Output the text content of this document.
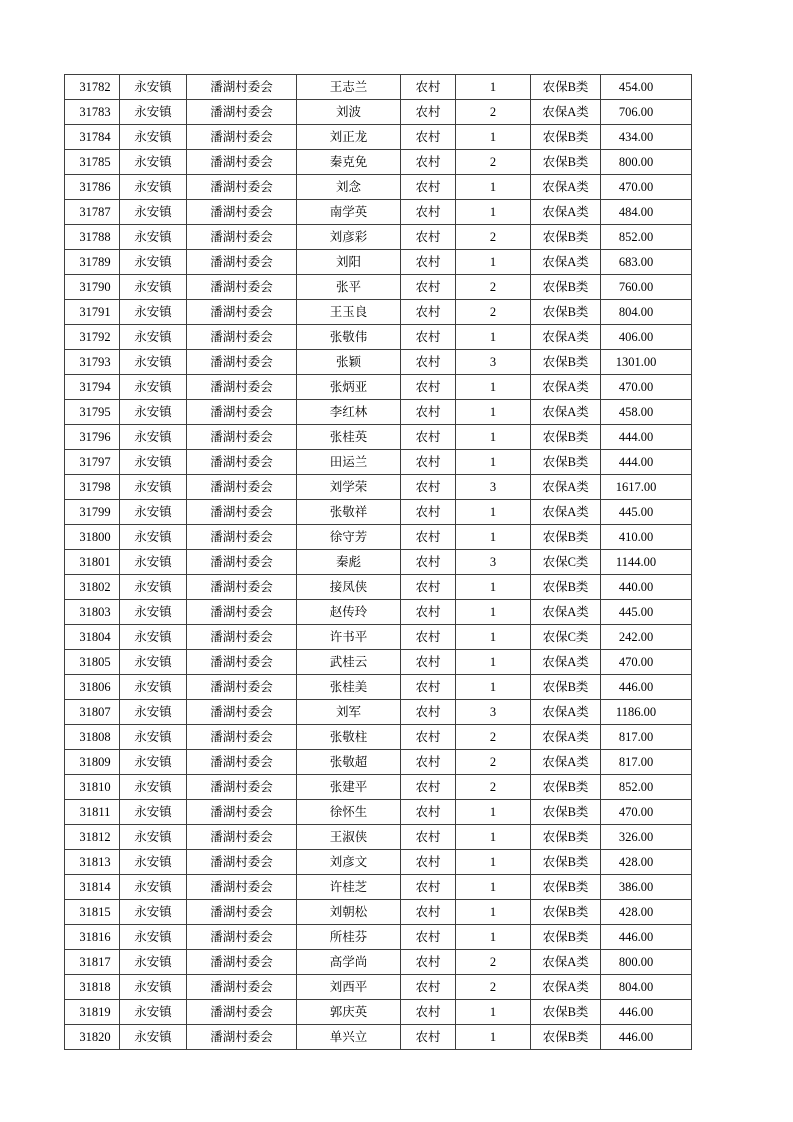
31782	永安镇	潘湖村委会	王志兰	农村	1	农保B类	454.00
31783	永安镇	潘湖村委会	刘波	农村	2	农保A类	706.00
31784	永安镇	潘湖村委会	刘正龙	农村	1	农保B类	434.00
31785	永安镇	潘湖村委会	秦克免	农村	2	农保B类	800.00
31786	永安镇	潘湖村委会	刘念	农村	1	农保A类	470.00
31787	永安镇	潘湖村委会	南学英	农村	1	农保A类	484.00
31788	永安镇	潘湖村委会	刘彦彩	农村	2	农保B类	852.00
31789	永安镇	潘湖村委会	刘阳	农村	1	农保A类	683.00
31790	永安镇	潘湖村委会	张平	农村	2	农保B类	760.00
31791	永安镇	潘湖村委会	王玉良	农村	2	农保B类	804.00
31792	永安镇	潘湖村委会	张敬伟	农村	1	农保A类	406.00
31793	永安镇	潘湖村委会	张颖	农村	3	农保B类	1301.00
31794	永安镇	潘湖村委会	张炳亚	农村	1	农保A类	470.00
31795	永安镇	潘湖村委会	李红林	农村	1	农保A类	458.00
31796	永安镇	潘湖村委会	张桂英	农村	1	农保B类	444.00
31797	永安镇	潘湖村委会	田运兰	农村	1	农保B类	444.00
31798	永安镇	潘湖村委会	刘学荣	农村	3	农保A类	1617.00
31799	永安镇	潘湖村委会	张敬祥	农村	1	农保A类	445.00
31800	永安镇	潘湖村委会	徐守芳	农村	1	农保B类	410.00
31801	永安镇	潘湖村委会	秦彪	农村	3	农保C类	1144.00
31802	永安镇	潘湖村委会	接凤侠	农村	1	农保B类	440.00
31803	永安镇	潘湖村委会	赵传玲	农村	1	农保A类	445.00
31804	永安镇	潘湖村委会	许书平	农村	1	农保C类	242.00
31805	永安镇	潘湖村委会	武桂云	农村	1	农保A类	470.00
31806	永安镇	潘湖村委会	张桂美	农村	1	农保B类	446.00
31807	永安镇	潘湖村委会	刘军	农村	3	农保A类	1186.00
31808	永安镇	潘湖村委会	张敬柱	农村	2	农保A类	817.00
31809	永安镇	潘湖村委会	张敬超	农村	2	农保A类	817.00
31810	永安镇	潘湖村委会	张建平	农村	2	农保B类	852.00
31811	永安镇	潘湖村委会	徐怀生	农村	1	农保B类	470.00
31812	永安镇	潘湖村委会	王淑侠	农村	1	农保B类	326.00
31813	永安镇	潘湖村委会	刘彦文	农村	1	农保B类	428.00
31814	永安镇	潘湖村委会	许桂芝	农村	1	农保B类	386.00
31815	永安镇	潘湖村委会	刘朝松	农村	1	农保B类	428.00
31816	永安镇	潘湖村委会	所桂芬	农村	1	农保B类	446.00
31817	永安镇	潘湖村委会	高学尚	农村	2	农保A类	800.00
31818	永安镇	潘湖村委会	刘西平	农村	2	农保A类	804.00
31819	永安镇	潘湖村委会	郭庆英	农村	1	农保B类	446.00
31820	永安镇	潘湖村委会	单兴立	农村	1	农保B类	446.00
